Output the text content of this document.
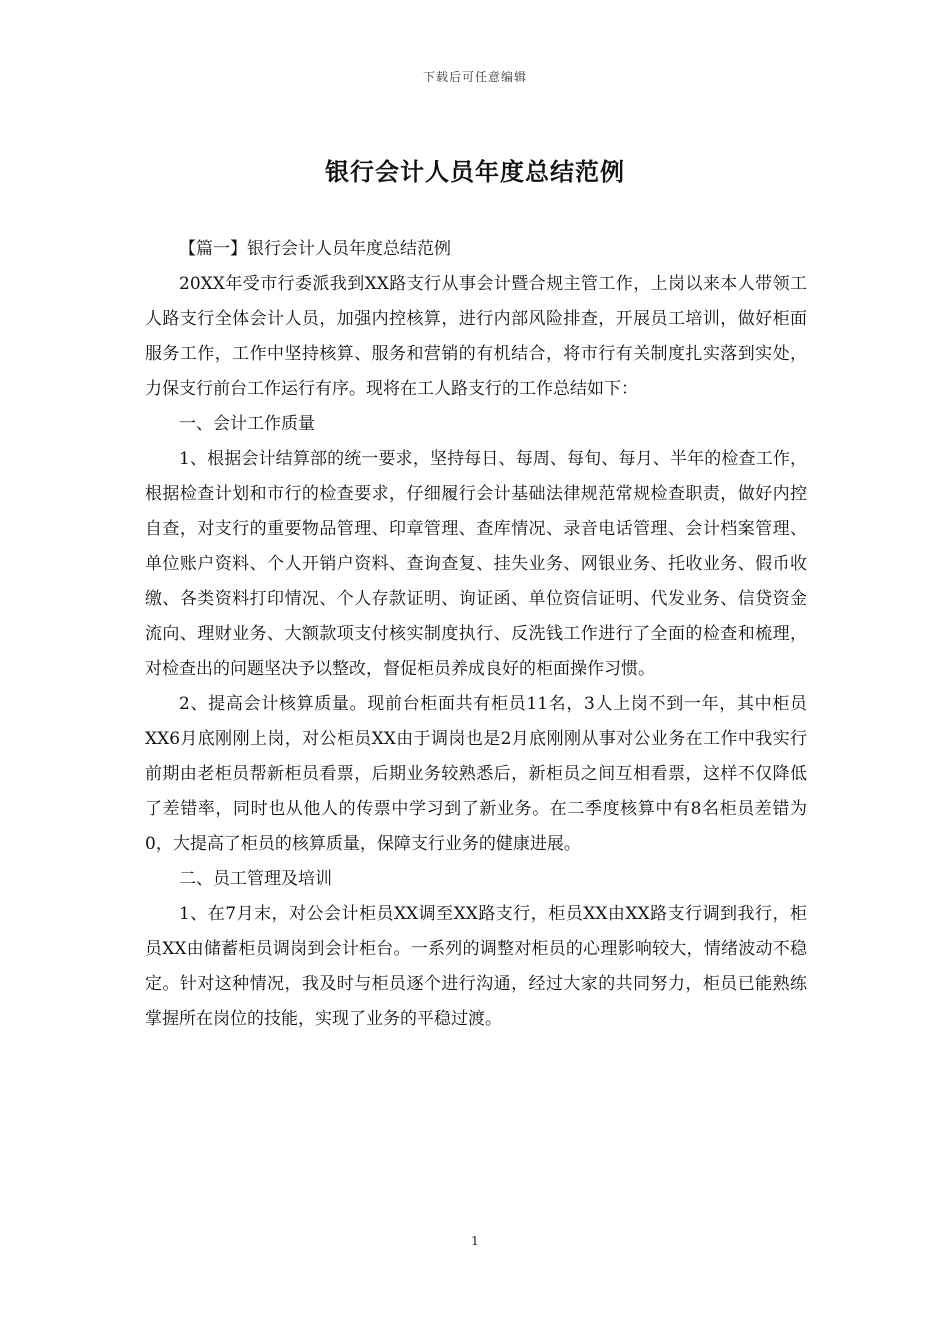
下载后可任意编辑
银行会计人员年度总结范例

【篇一】银行会计人员年度总结范例

20XX年受市行委派我到XX路支行从事会计暨合规主管工作，上岗以来本人带领工人路支行全体会计人员，加强内控核算，进行内部风险排查，开展员工培训，做好柜面服务工作，工作中坚持核算、服务和营销的有机结合，将市行有关制度扎实落到实处，力保支行前台工作运行有序。现将在工人路支行的工作总结如下：

一、会计工作质量

1、根据会计结算部的统一要求，坚持每日、每周、每旬、每月、半年的检查工作，根据检查计划和市行的检查要求，仔细履行会计基础法律规范常规检查职责，做好内控自查，对支行的重要物品管理、印章管理、查库情况、录音电话管理、会计档案管理、单位账户资料、个人开销户资料、查询查复、挂失业务、网银业务、托收业务、假币收缴、各类资料打印情况、个人存款证明、询证函、单位资信证明、代发业务、信贷资金流向、理财业务、大额款项支付核实制度执行、反洗钱工作进行了全面的检查和梳理，对检查出的问题坚决予以整改，督促柜员养成良好的柜面操作习惯。

2、提高会计核算质量。现前台柜面共有柜员11名，3人上岗不到一年，其中柜员XX6月底刚刚上岗，对公柜员XX由于调岗也是2月底刚刚从事对公业务在工作中我实行前期由老柜员帮新柜员看票，后期业务较熟悉后，新柜员之间互相看票，这样不仅降低了差错率，同时也从他人的传票中学习到了新业务。在二季度核算中有8名柜员差错为0，大提高了柜员的核算质量，保障支行业务的健康进展。

二、员工管理及培训

1、在7月末，对公会计柜员XX调至XX路支行，柜员XX由XX路支行调到我行，柜员XX由储蓄柜员调岗到会计柜台。一系列的调整对柜员的心理影响较大，情绪波动不稳定。针对这种情况，我及时与柜员逐个进行沟通，经过大家的共同努力，柜员已能熟练掌握所在岗位的技能，实现了业务的平稳过渡。

1
